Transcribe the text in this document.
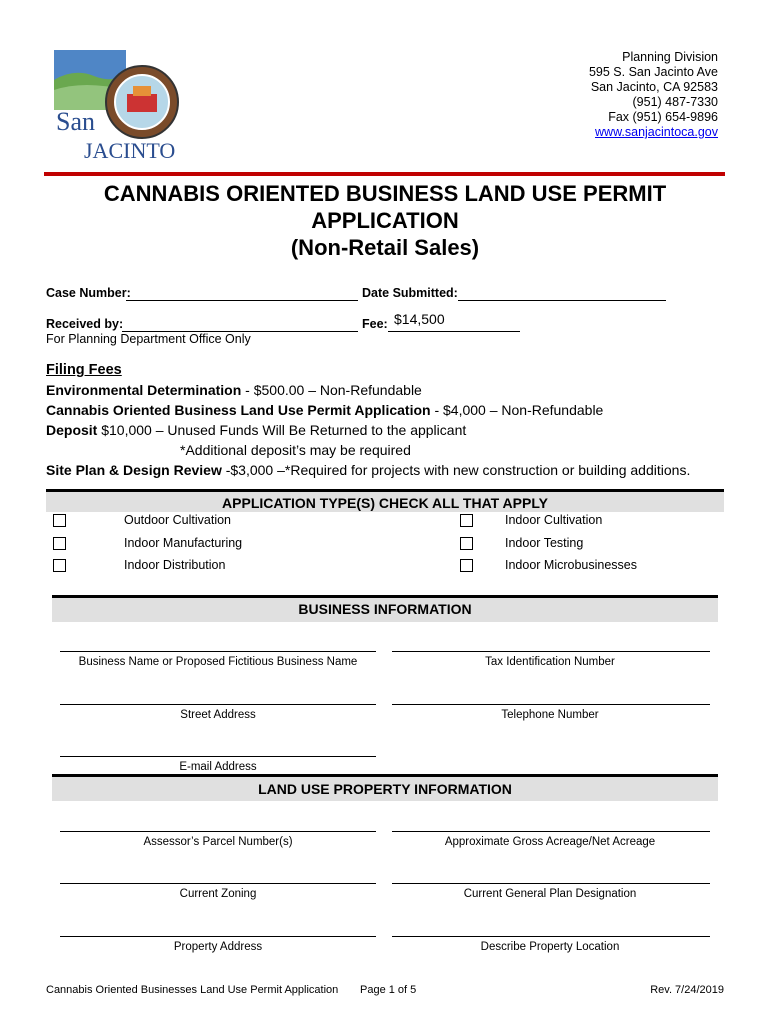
San
JACINTO
Planning Division
595 S. San Jacinto Ave
San Jacinto, CA 92583
(951) 487-7330
Fax (951) 654-9896
www.sanjacintoca.gov
CANNABIS ORIENTED BUSINESS LAND USE PERMIT
APPLICATION
(Non-Retail Sales)
Case Number:	Date Submitted:
Received by:	Fee: $14,500
For Planning Department Office Only
Filing Fees
Environmental Determination - $500.00 – Non-Refundable
Cannabis Oriented Business Land Use Permit Application - $4,000 – Non-Refundable
Deposit $10,000 – Unused Funds Will Be Returned to the applicant
*Additional deposit’s may be required
Site Plan & Design Review -$3,000 –*Required for projects with new construction or building additions.
APPLICATION TYPE(S) CHECK ALL THAT APPLY
Outdoor Cultivation	Indoor Cultivation
Indoor Manufacturing	Indoor Testing
Indoor Distribution	Indoor Microbusinesses
BUSINESS INFORMATION
Business Name or Proposed Fictitious Business Name	Tax Identification Number
Street Address	Telephone Number
E-mail Address
LAND USE PROPERTY INFORMATION
Assessor’s Parcel Number(s)	Approximate Gross Acreage/Net Acreage
Current Zoning	Current General Plan Designation
Property Address	Describe Property Location
Cannabis Oriented Businesses Land Use Permit Application Page 1 of 5	Rev. 7/24/2019
